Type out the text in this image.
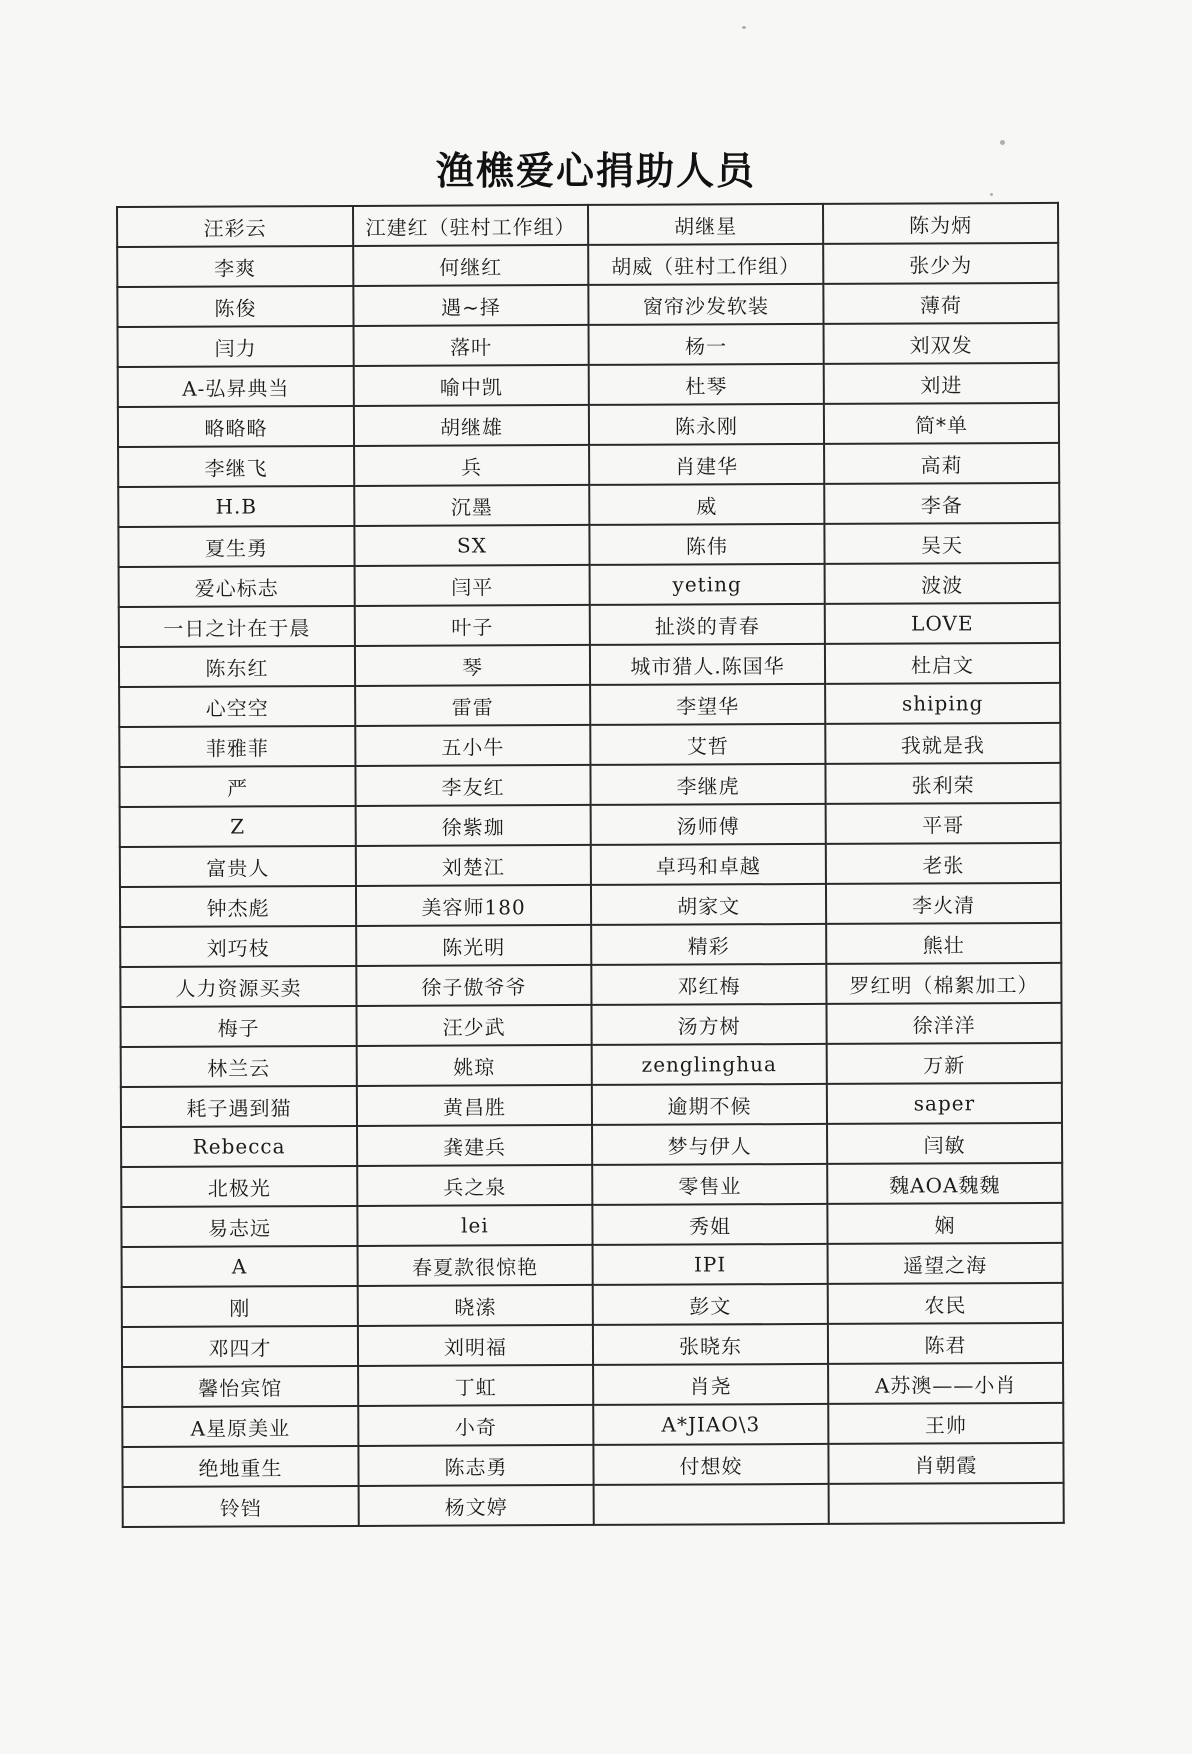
渔樵爱心捐助人员
汪彩云	江建红（驻村工作组）	胡继星	陈为炳
李爽	何继红	胡威（驻村工作组）	张少为
陈俊	遇~择	窗帘沙发软装	薄荷
闫力	落叶	杨一	刘双发
A-弘昇典当	喻中凯	杜琴	刘进
略略略	胡继雄	陈永刚	简*单
李继飞	兵	肖建华	高莉
H.B	沉墨	威	李备
夏生勇	SX	陈伟	吴天
爱心标志	闫平	yeting	波波
一日之计在于晨	叶子	扯淡的青春	LOVE
陈东红	琴	城市猎人.陈国华	杜启文
心空空	雷雷	李望华	shiping
菲雅菲	五小牛	艾哲	我就是我
严	李友红	李继虎	张利荣
Z	徐紫珈	汤师傅	平哥
富贵人	刘楚江	卓玛和卓越	老张
钟杰彪	美容师180	胡家文	李火清
刘巧枝	陈光明	精彩	熊壮
人力资源买卖	徐子傲爷爷	邓红梅	罗红明（棉絮加工）
梅子	汪少武	汤方树	徐洋洋
林兰云	姚琼	zenglinghua	万新
耗子遇到猫	黄昌胜	逾期不候	saper
Rebecca	龚建兵	梦与伊人	闫敏
北极光	兵之泉	零售业	魏AOA魏魏
易志远	lei	秀姐	娴
A	春夏款很惊艳	IPI	遥望之海
刚	晓溹	彭文	农民
邓四才	刘明福	张晓东	陈君
馨怡宾馆	丁虹	肖尧	A苏澳——小肖
A星原美业	小奇	A*JIAO\3	王帅
绝地重生	陈志勇	付想姣	肖朝霞
铃铛	杨文婷		
